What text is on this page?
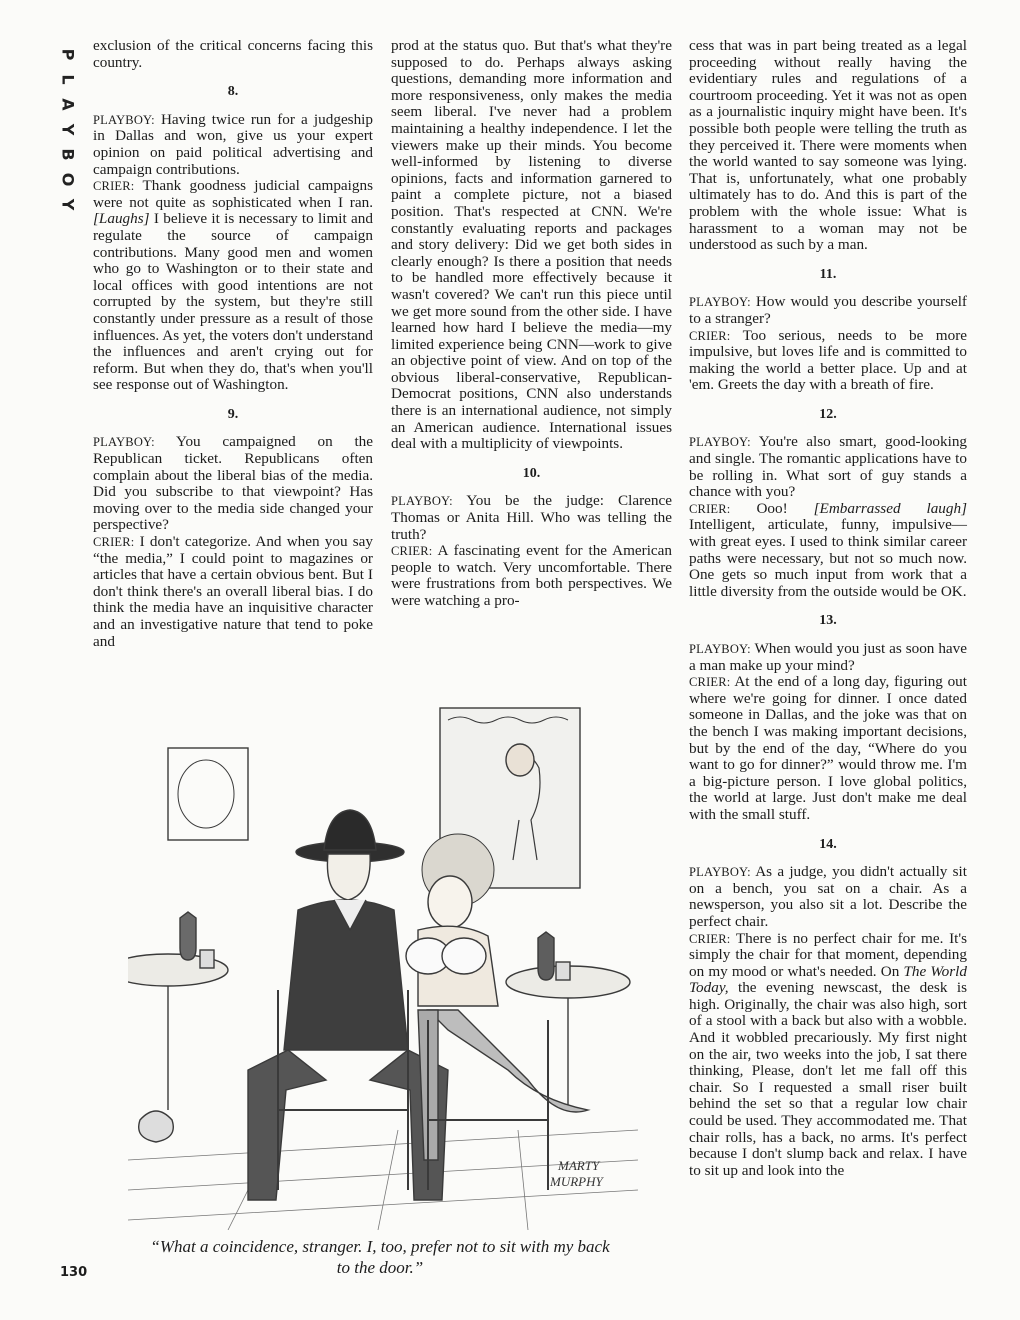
P
L
A
Y
B
O
Y

exclusion of the critical concerns facing this country.

8.

PLAYBOY: Having twice run for a judgeship in Dallas and won, give us your expert opinion on paid political advertising and campaign contributions.

CRIER: Thank goodness judicial campaigns were not quite as sophisticated when I ran. [Laughs] I believe it is necessary to limit and regulate the source of campaign contributions. Many good men and women who go to Washington or to their state and local offices with good intentions are not corrupted by the system, but they're still constantly under pressure as a result of those influences. As yet, the voters don't understand the influences and aren't crying out for reform. But when they do, that's when you'll see response out of Washington.

9.

PLAYBOY: You campaigned on the Republican ticket. Republicans often complain about the liberal bias of the media. Did you subscribe to that viewpoint? Has moving over to the media side changed your perspective?

CRIER: I don't categorize. And when you say “the media,” I could point to magazines or articles that have a certain obvious bent. But I don't think there's an overall liberal bias. I do think the media have an inquisitive character and an investigative nature that tend to poke and

prod at the status quo. But that's what they're supposed to do. Perhaps always asking questions, demanding more information and more responsiveness, only makes the media seem liberal. I've never had a problem maintaining a healthy independence. I let the viewers make up their minds. You become well-informed by listening to diverse opinions, facts and information garnered to paint a complete picture, not a biased position. That's respected at CNN. We're constantly evaluating reports and packages and story delivery: Did we get both sides in clearly enough? Is there a position that needs to be handled more effectively because it wasn't covered? We can't run this piece until we get more sound from the other side. I have learned how hard I believe the media—my limited experience being CNN—work to give an objective point of view. And on top of the obvious liberal-conservative, Republican-Democrat positions, CNN also understands there is an international audience, not simply an American audience. International issues deal with a multiplicity of viewpoints.

10.

PLAYBOY: You be the judge: Clarence Thomas or Anita Hill. Who was telling the truth?

CRIER: A fascinating event for the American people to watch. Very uncomfortable. There were frustrations from both perspectives. We were watching a pro-

cess that was in part being treated as a legal proceeding without really having the evidentiary rules and regulations of a courtroom proceeding. Yet it was not as open as a journalistic inquiry might have been. It's possible both people were telling the truth as they perceived it. There were moments when the world wanted to say someone was lying. That is, unfortunately, what one probably ultimately has to do. And this is part of the problem with the whole issue: What is harassment to a woman may not be understood as such by a man.

11.

PLAYBOY: How would you describe yourself to a stranger?

CRIER: Too serious, needs to be more impulsive, but loves life and is committed to making the world a better place. Up and at 'em. Greets the day with a breath of fire.

12.

PLAYBOY: You're also smart, good-looking and single. The romantic applications have to be rolling in. What sort of guy stands a chance with you?

CRIER: Ooo! [Embarrassed laugh] Intelligent, articulate, funny, impulsive—with great eyes. I used to think similar career paths were necessary, but not so much now. One gets so much input from work that a little diversity from the outside would be OK.

13.

PLAYBOY: When would you just as soon have a man make up your mind?

CRIER: At the end of a long day, figuring out where we're going for dinner. I once dated someone in Dallas, and the joke was that on the bench I was making important decisions, but by the end of the day, “Where do you want to go for dinner?” would throw me. I'm a big-picture person. I love global politics, the world at large. Just don't make me deal with the small stuff.

14.

PLAYBOY: As a judge, you didn't actually sit on a bench, you sat on a chair. As a newsperson, you also sit a lot. Describe the perfect chair.

CRIER: There is no perfect chair for me. It's simply the chair for that moment, depending on my mood or what's needed. On The World Today, the evening newscast, the desk is high. Originally, the chair was also high, sort of a stool with a back but also with a wobble. And it wobbled precariously. My first night on the air, two weeks into the job, I sat there thinking, Please, don't let me fall off this chair. So I requested a small riser built behind the set so that a regular low chair could be used. They accommodated me. That chair rolls, has a back, no arms. It's perfect because I don't slump back and relax. I have to sit up and look into the

MARTY
MURPHY
“What a coincidence, stranger. I, too, prefer not to sit with my back to the door.”
130
